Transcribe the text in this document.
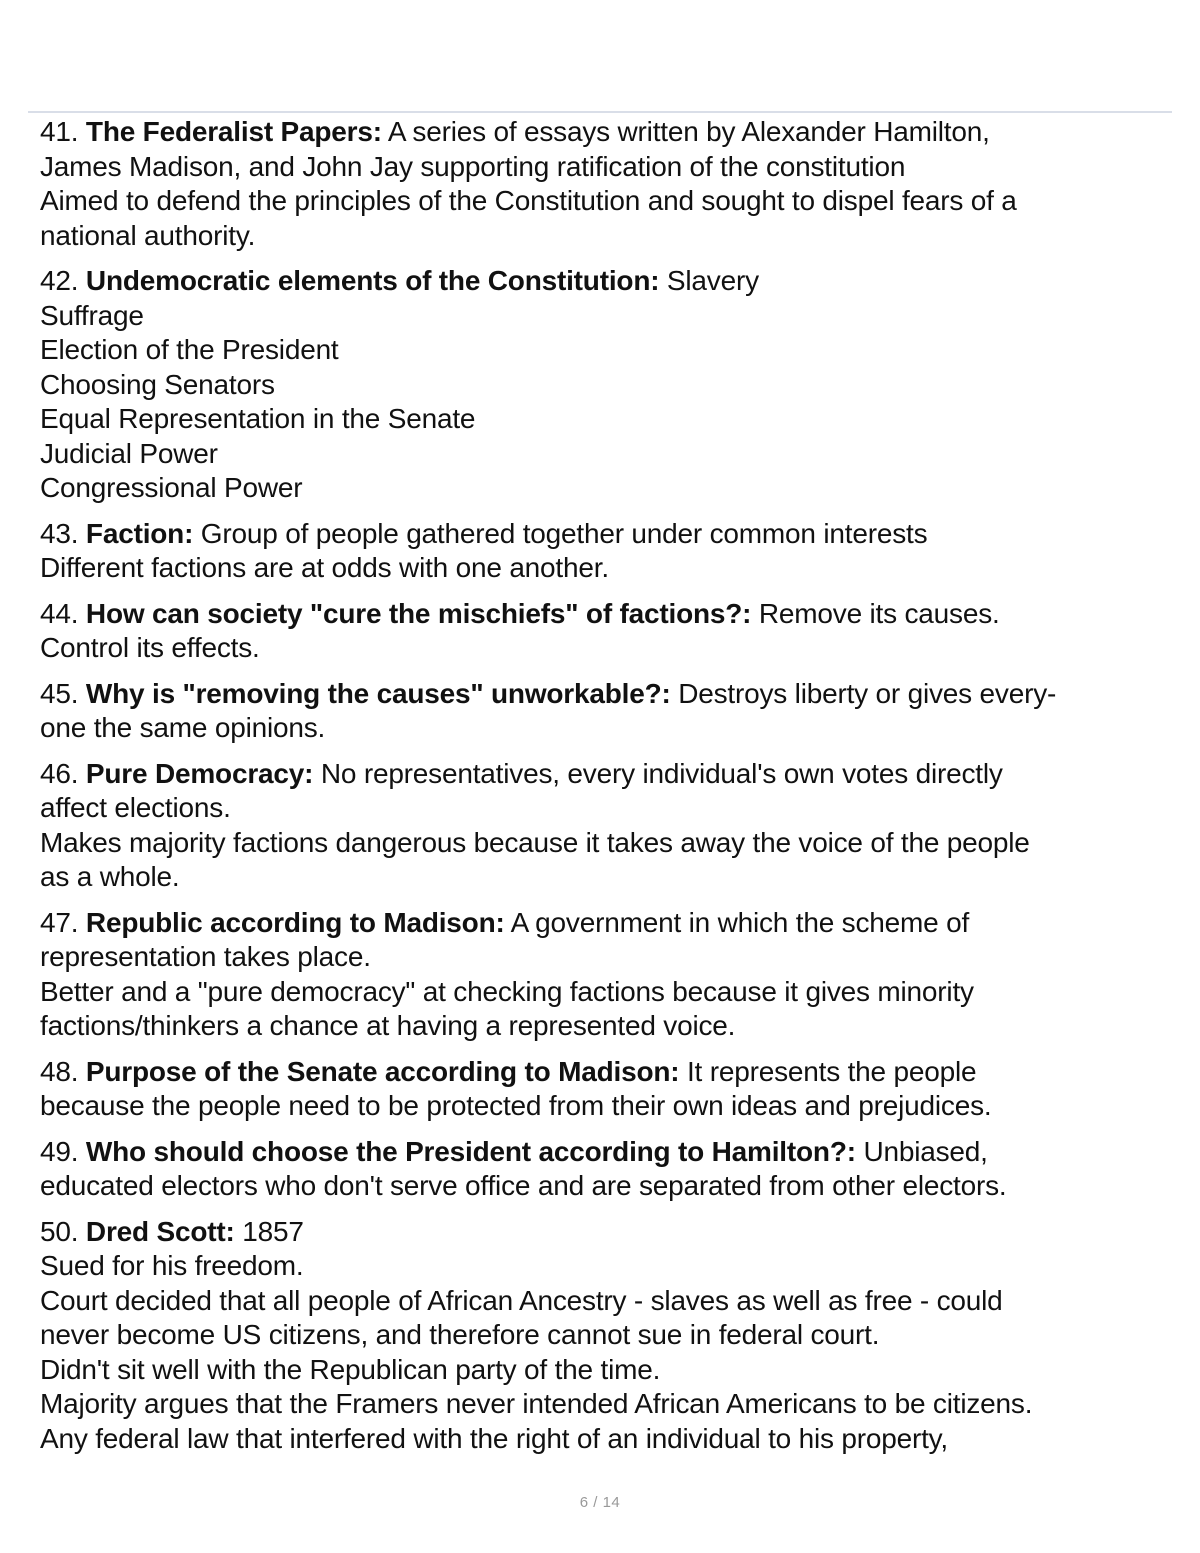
41. The Federalist Papers: A series of essays written by Alexander Hamilton,
James Madison, and John Jay supporting ratification of the constitution
Aimed to defend the principles of the Constitution and sought to dispel fears of a
national authority.
42. Undemocratic elements of the Constitution: Slavery
Suffrage
Election of the President
Choosing Senators
Equal Representation in the Senate
Judicial Power
Congressional Power
43. Faction: Group of people gathered together under common interests
Different factions are at odds with one another.
44. How can society "cure the mischiefs" of factions?: Remove its causes.
Control its effects.
45. Why is "removing the causes" unworkable?: Destroys liberty or gives every-
one the same opinions.
46. Pure Democracy: No representatives, every individual's own votes directly
affect elections.
Makes majority factions dangerous because it takes away the voice of the people
as a whole.
47. Republic according to Madison: A government in which the scheme of
representation takes place.
Better and a "pure democracy" at checking factions because it gives minority
factions/thinkers a chance at having a represented voice.
48. Purpose of the Senate according to Madison: It represents the people
because the people need to be protected from their own ideas and prejudices.
49. Who should choose the President according to Hamilton?: Unbiased,
educated electors who don't serve office and are separated from other electors.
50. Dred Scott: 1857
Sued for his freedom.
Court decided that all people of African Ancestry - slaves as well as free - could
never become US citizens, and therefore cannot sue in federal court.
Didn't sit well with the Republican party of the time.
Majority argues that the Framers never intended African Americans to be citizens.
Any federal law that interfered with the right of an individual to his property,
6 / 14
